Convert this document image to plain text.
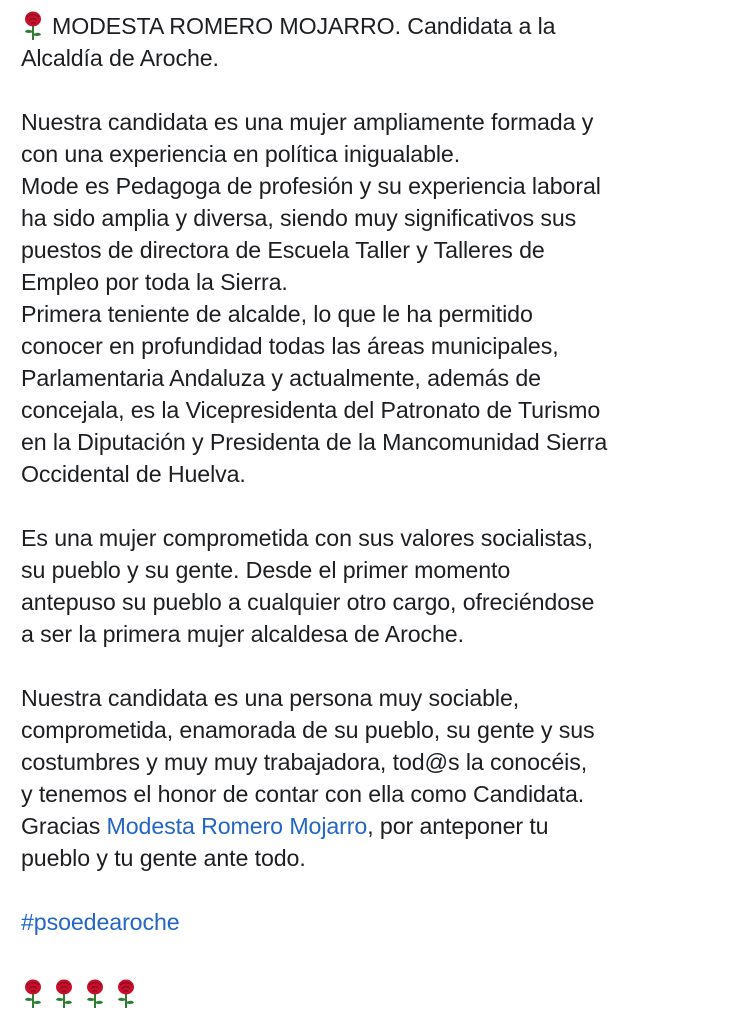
MODESTA ROMERO MOJARRO. Candidata a la
Alcaldía de Aroche.

Nuestra candidata es una mujer ampliamente formada y
con una experiencia en política inigualable.
Mode es Pedagoga de profesión y su experiencia laboral
ha sido amplia y diversa, siendo muy significativos sus
puestos de directora de Escuela Taller y Talleres de
Empleo por toda la Sierra.
Primera teniente de alcalde, lo que le ha permitido
conocer en profundidad todas las áreas municipales,
Parlamentaria Andaluza y actualmente, además de
concejala, es la Vicepresidenta del Patronato de Turismo
en la Diputación y Presidenta de la Mancomunidad Sierra
Occidental de Huelva.

Es una mujer comprometida con sus valores socialistas,
su pueblo y su gente. Desde el primer momento
antepuso su pueblo a cualquier otro cargo, ofreciéndose
a ser la primera mujer alcaldesa de Aroche.

Nuestra candidata es una persona muy sociable,
comprometida, enamorada de su pueblo, su gente y sus
costumbres y muy muy trabajadora, tod@s la conocéis,
y tenemos el honor de contar con ella como Candidata.
Gracias Modesta Romero Mojarro, por anteponer tu
pueblo y tu gente ante todo.

#psoedearoche
